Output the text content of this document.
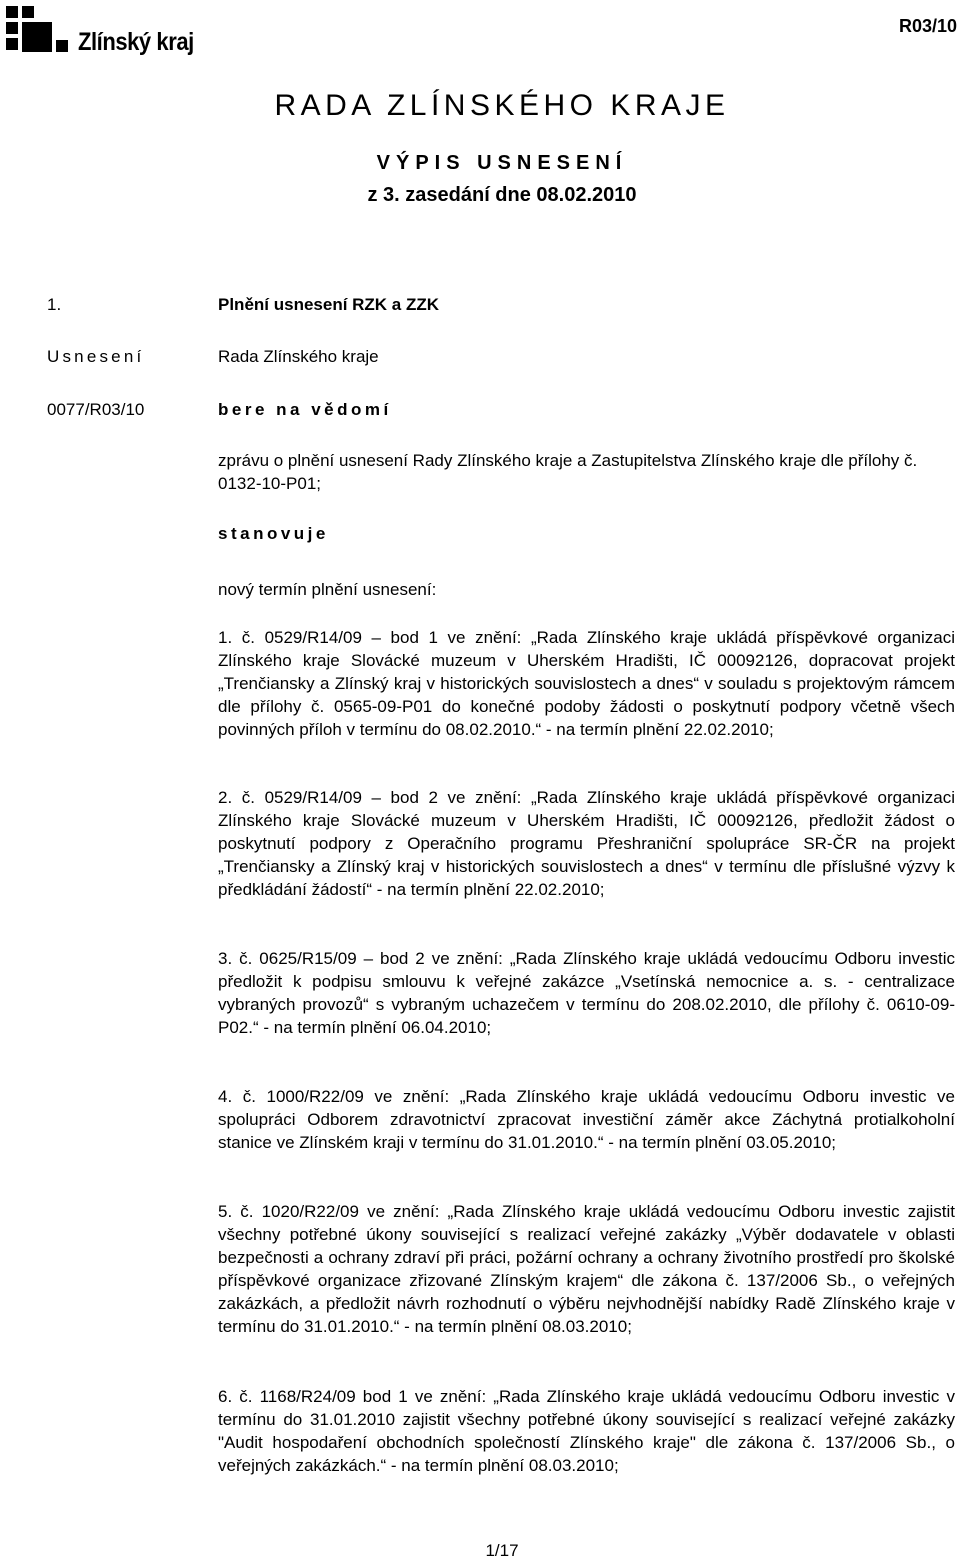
Zlínský kraj
R03/10
RADA ZLÍNSKÉHO KRAJE
VÝPIS USNESENÍ
z 3. zasedání dne 08.02.2010
1.	Plnění usnesení RZK a ZZK
Usnesení	Rada Zlínského kraje
0077/R03/10	bere na vědomí
zprávu o plnění usnesení Rady Zlínského kraje a Zastupitelstva Zlínského kraje dle přílohy č. 0132-10-P01;
stanovuje
nový termín plnění usnesení:
1. č. 0529/R14/09 – bod 1 ve znění: „Rada Zlínského kraje ukládá příspěvkové organizaci Zlínského kraje Slovácké muzeum v Uherském Hradišti, IČ 00092126, dopracovat projekt „Trenčiansky a Zlínský kraj v historických souvislostech a dnes“ v souladu s projektovým rámcem dle přílohy č. 0565-09-P01 do konečné podoby žádosti o poskytnutí podpory včetně všech povinných příloh v termínu do 08.02.2010.“ - na termín plnění 22.02.2010;
2. č. 0529/R14/09 – bod 2 ve znění: „Rada Zlínského kraje ukládá příspěvkové organizaci Zlínského kraje Slovácké muzeum v Uherském Hradišti, IČ 00092126, předložit žádost o poskytnutí podpory z Operačního programu Přeshraniční spolupráce SR-ČR na projekt „Trenčiansky a Zlínský kraj v historických souvislostech a dnes“ v termínu dle příslušné výzvy k předkládání žádostí“ - na termín plnění 22.02.2010;
3. č. 0625/R15/09 – bod 2 ve znění: „Rada Zlínského kraje ukládá vedoucímu Odboru investic předložit k podpisu smlouvu k veřejné zakázce „Vsetínská nemocnice a. s. - centralizace vybraných provozů“ s vybraným uchazečem v termínu do 208.02.2010, dle přílohy č. 0610-09-P02.“ - na termín plnění 06.04.2010;
4. č. 1000/R22/09 ve znění: „Rada Zlínského kraje ukládá vedoucímu Odboru investic ve spolupráci Odborem zdravotnictví zpracovat investiční záměr akce Záchytná protialkoholní stanice ve Zlínském kraji v termínu do 31.01.2010.“ - na termín plnění 03.05.2010;
5. č. 1020/R22/09 ve znění: „Rada Zlínského kraje ukládá vedoucímu Odboru investic zajistit všechny potřebné úkony související s realizací veřejné zakázky „Výběr dodavatele v oblasti bezpečnosti a ochrany zdraví při práci, požární ochrany a ochrany životního prostředí pro školské příspěvkové organizace zřizované Zlínským krajem“ dle zákona č. 137/2006 Sb., o veřejných zakázkách, a předložit návrh rozhodnutí o výběru nejvhodnější nabídky Radě Zlínského kraje v termínu do 31.01.2010.“ - na termín plnění 08.03.2010;
6. č. 1168/R24/09 bod 1 ve znění: „Rada Zlínského kraje ukládá vedoucímu Odboru investic v termínu do 31.01.2010 zajistit všechny potřebné úkony související s realizací veřejné zakázky "Audit hospodaření obchodních společností Zlínského kraje" dle zákona č. 137/2006 Sb., o veřejných zakázkách.“ - na termín plnění 08.03.2010;
1/17
